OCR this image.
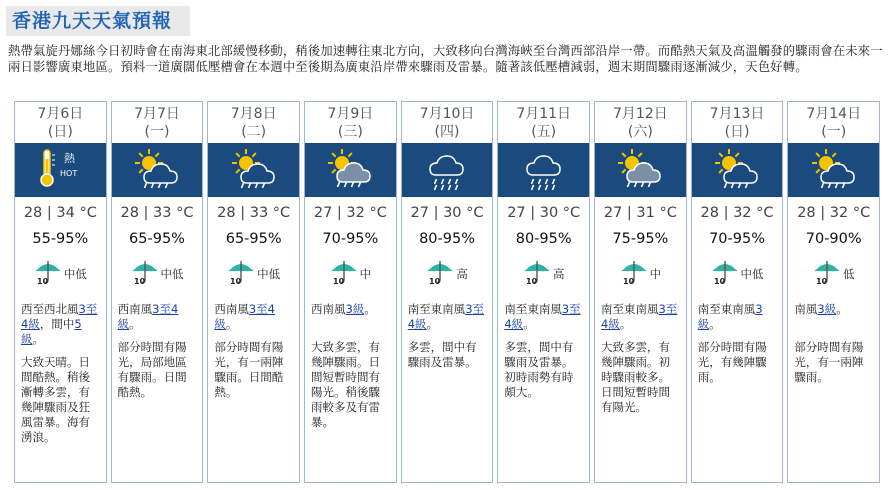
香港九天天氣預報
熱帶氣旋丹娜絲今日初時會在南海東北部緩慢移動，稍後加速轉往東北方向，大致移向台灣海峽至台灣西部沿岸一帶。而酷熱天氣及高溫觸發的驟雨會在未來一兩日影響廣東地區。預料一道廣闊低壓槽會在本週中至後期為廣東沿岸帶來驟雨及雷暴。隨著該低壓槽減弱，週末期間驟雨逐漸減少，天色好轉。
7月6日
(日)
熱
HOT
28 | 34 °C
55-95%
10
中低
西至西北風3至4級，間中5級。
大致天晴。日間酷熱。稍後漸轉多雲，有幾陣驟雨及狂風雷暴。海有湧浪。
7月7日
(一)
28 | 33 °C
65-95%
10
中低
西南風3至4級。
部分時間有陽光，局部地區有驟雨。日間酷熱。
7月8日
(二)
28 | 33 °C
65-95%
10
中低
西南風3至4級。
部分時間有陽光，有一兩陣驟雨。日間酷熱。
7月9日
(三)
27 | 32 °C
70-95%
10
中
西南風3級。
大致多雲，有幾陣驟雨。日間短暫時間有陽光。稍後驟雨較多及有雷暴。
7月10日
(四)
27 | 30 °C
80-95%
10
高
南至東南風3至4級。
多雲，間中有驟雨及雷暴。
7月11日
(五)
27 | 30 °C
80-95%
10
高
南至東南風3至4級。
多雲，間中有驟雨及雷暴。初時雨勢有時頗大。
7月12日
(六)
27 | 31 °C
75-95%
10
中
南至東南風3至4級。
大致多雲，有幾陣驟雨。初時驟雨較多。日間短暫時間有陽光。
7月13日
(日)
28 | 32 °C
70-95%
10
中低
南至東南風3級。
部分時間有陽光，有幾陣驟雨。
7月14日
(一)
28 | 32 °C
70-90%
10
低
南風3級。
部分時間有陽光，有一兩陣驟雨。
